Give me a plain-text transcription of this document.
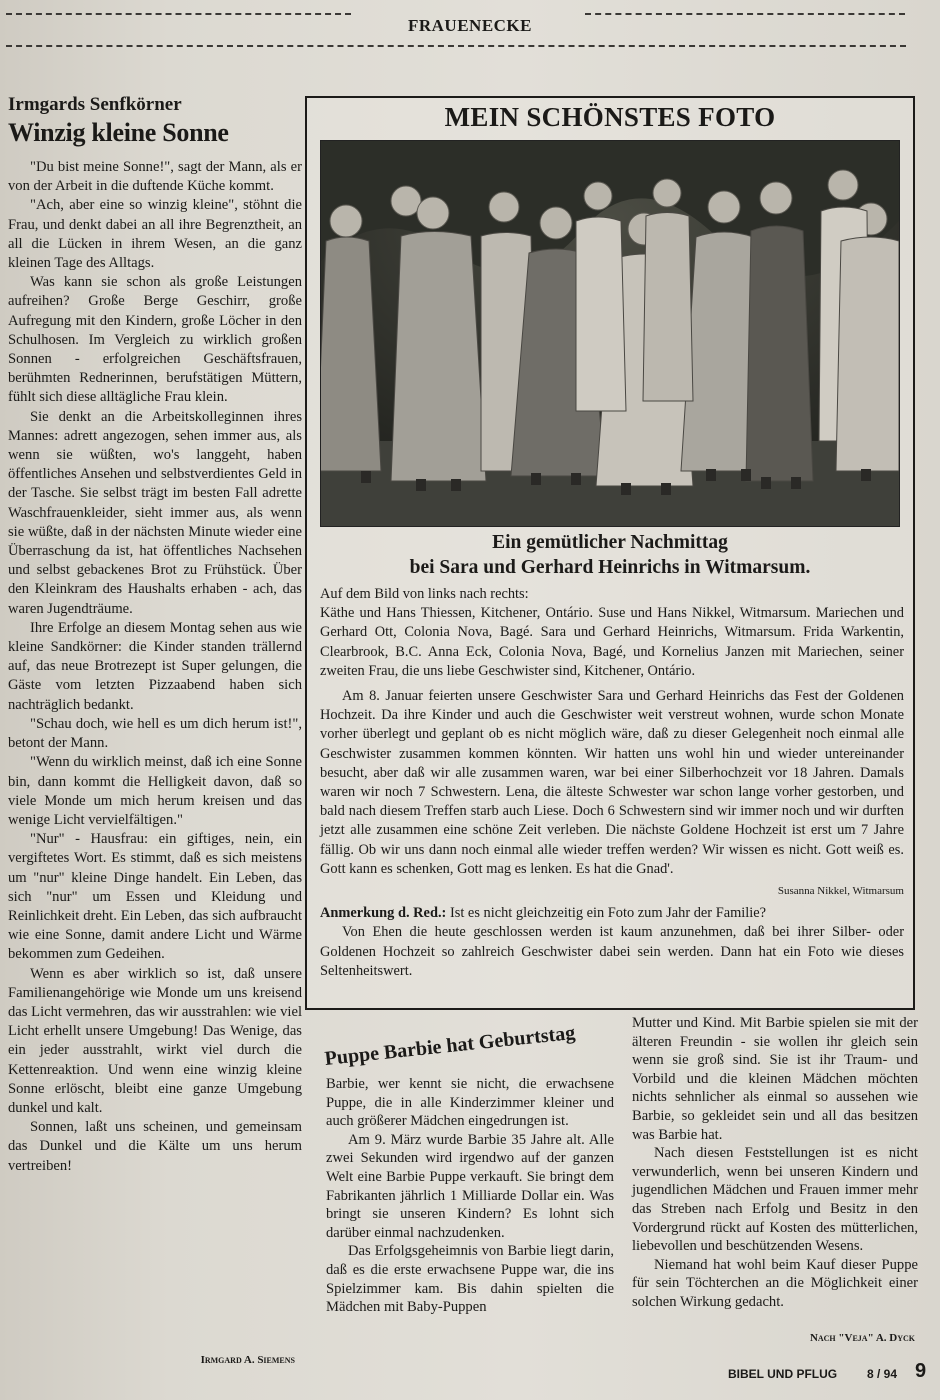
FRAUENECKE
Irmgards Senfkörner
Winzig kleine Sonne

"Du bist meine Sonne!", sagt der Mann, als er von der Arbeit in die duftende Küche kommt.

"Ach, aber eine so winzig kleine", stöhnt die Frau, und denkt dabei an all ihre Begrenztheit, an all die Lücken in ihrem Wesen, an die ganz kleinen Tage des Alltags.

Was kann sie schon als große Leistungen aufreihen? Große Berge Geschirr, große Aufregung mit den Kindern, große Löcher in den Schulhosen. Im Vergleich zu wirklich großen Sonnen - erfolgreichen Geschäftsfrauen, berühmten Rednerinnen, berufstätigen Müttern, fühlt sich diese alltägliche Frau klein.

Sie denkt an die Arbeitskolleginnen ihres Mannes: adrett angezogen, sehen immer aus, als wenn sie wüßten, wo's langgeht, haben öffentliches Ansehen und selbstverdientes Geld in der Tasche. Sie selbst trägt im besten Fall adrette Waschfrauenkleider, sieht immer aus, als wenn sie wüßte, daß in der nächsten Minute wieder eine Überraschung da ist, hat öffentliches Nachsehen und selbst gebackenes Brot zu Frühstück. Über den Kleinkram des Haushalts erhaben - ach, das waren Jugendträume.

Ihre Erfolge an diesem Montag sehen aus wie kleine Sandkörner: die Kinder standen trällernd auf, das neue Brotrezept ist Super gelungen, die Gäste vom letzten Pizzaabend haben sich nachträglich bedankt.

"Schau doch, wie hell es um dich herum ist!", betont der Mann.

"Wenn du wirklich meinst, daß ich eine Sonne bin, dann kommt die Helligkeit davon, daß so viele Monde um mich herum kreisen und das wenige Licht vervielfältigen."

"Nur" - Hausfrau: ein giftiges, nein, ein vergiftetes Wort. Es stimmt, daß es sich meistens um "nur" kleine Dinge handelt. Ein Leben, das sich "nur" um Essen und Kleidung und Reinlichkeit dreht. Ein Leben, das sich aufbraucht wie eine Sonne, damit andere Licht und Wärme bekommen zum Gedeihen.

Wenn es aber wirklich so ist, daß unsere Familienangehörige wie Monde um uns kreisend das Licht vermehren, das wir ausstrahlen: wie viel Licht erhellt unsere Umgebung! Das Wenige, das ein jeder ausstrahlt, wirkt viel durch die Kettenreaktion. Und wenn eine winzig kleine Sonne erlöscht, bleibt eine ganze Umgebung dunkel und kalt.

Sonnen, laßt uns scheinen, und gemeinsam das Dunkel und die Kälte um uns herum vertreiben!

Irmgard A. Siemens
MEIN SCHÖNSTES FOTO
Ein gemütlicher Nachmittag
bei Sara und Gerhard Heinrichs in Witmarsum.

Auf dem Bild von links nach rechts:

Käthe und Hans Thiessen, Kitchener, Ontário. Suse und Hans Nikkel, Witmarsum. Mariechen und Gerhard Ott, Colonia Nova, Bagé. Sara und Gerhard Heinrichs, Witmarsum. Frida Warkentin, Clearbrook, B.C. Anna Eck, Colonia Nova, Bagé, und Kornelius Janzen mit Mariechen, seiner zweiten Frau, die uns liebe Geschwister sind, Kitchener, Ontário.

Am 8. Januar feierten unsere Geschwister Sara und Gerhard Heinrichs das Fest der Goldenen Hochzeit. Da ihre Kinder und auch die Geschwister weit verstreut wohnen, wurde schon Monate vorher überlegt und geplant ob es nicht möglich wäre, daß zu dieser Gelegenheit noch einmal alle Geschwister zusammen kommen könnten. Wir hatten uns wohl hin und wieder untereinander besucht, aber daß wir alle zusammen waren, war bei einer Silberhochzeit vor 18 Jahren. Damals waren wir noch 7 Schwestern. Lena, die älteste Schwester war schon lange vorher gestorben, und bald nach diesem Treffen starb auch Liese. Doch 6 Schwestern sind wir immer noch und wir durften jetzt alle zusammen eine schöne Zeit verleben. Die nächste Goldene Hochzeit ist erst um 7 Jahre fällig. Ob wir uns dann noch einmal alle wieder treffen werden? Wir wissen es nicht. Gott weiß es. Gott kann es schenken, Gott mag es lenken. Es hat die Gnad'.

Susanna Nikkel, Witmarsum

Anmerkung d. Red.: Ist es nicht gleichzeitig ein Foto zum Jahr der Familie?

Von Ehen die heute geschlossen werden ist kaum anzunehmen, daß bei ihrer Silber- oder Goldenen Hochzeit so zahlreich Geschwister dabei sein werden. Dann hat ein Foto wie dieses Seltenheitswert.

Puppe Barbie hat Geburtstag

Barbie, wer kennt sie nicht, die erwachsene Puppe, die in alle Kinderzimmer kleiner und auch größerer Mädchen eingedrungen ist.

Am 9. März wurde Barbie 35 Jahre alt. Alle zwei Sekunden wird irgendwo auf der ganzen Welt eine Barbie Puppe verkauft. Sie bringt dem Fabrikanten jährlich 1 Milliarde Dollar ein. Was bringt sie unseren Kindern? Es lohnt sich darüber einmal nachzudenken.

Das Erfolgsgeheimnis von Barbie liegt darin, daß es die erste erwachsene Puppe war, die ins Spielzimmer kam. Bis dahin spielten die Mädchen mit Baby-Puppen

Mutter und Kind. Mit Barbie spielen sie mit der älteren Freundin - sie wollen ihr gleich sein wenn sie groß sind. Sie ist ihr Traum- und Vorbild und die kleinen Mädchen möchten nichts sehnlicher als einmal so aussehen wie Barbie, so gekleidet sein und all das besitzen was Barbie hat.

Nach diesen Feststellungen ist es nicht verwunderlich, wenn bei unseren Kindern und jugendlichen Mädchen und Frauen immer mehr das Streben nach Erfolg und Besitz in den Vordergrund rückt auf Kosten des mütterlichen, liebevollen und beschützenden Wesens.

Niemand hat wohl beim Kauf dieser Puppe für sein Töchterchen an die Möglichkeit einer solchen Wirkung gedacht.

Nach "Veja" A. Dyck
BIBEL UND PFLUG 8 / 94 9
